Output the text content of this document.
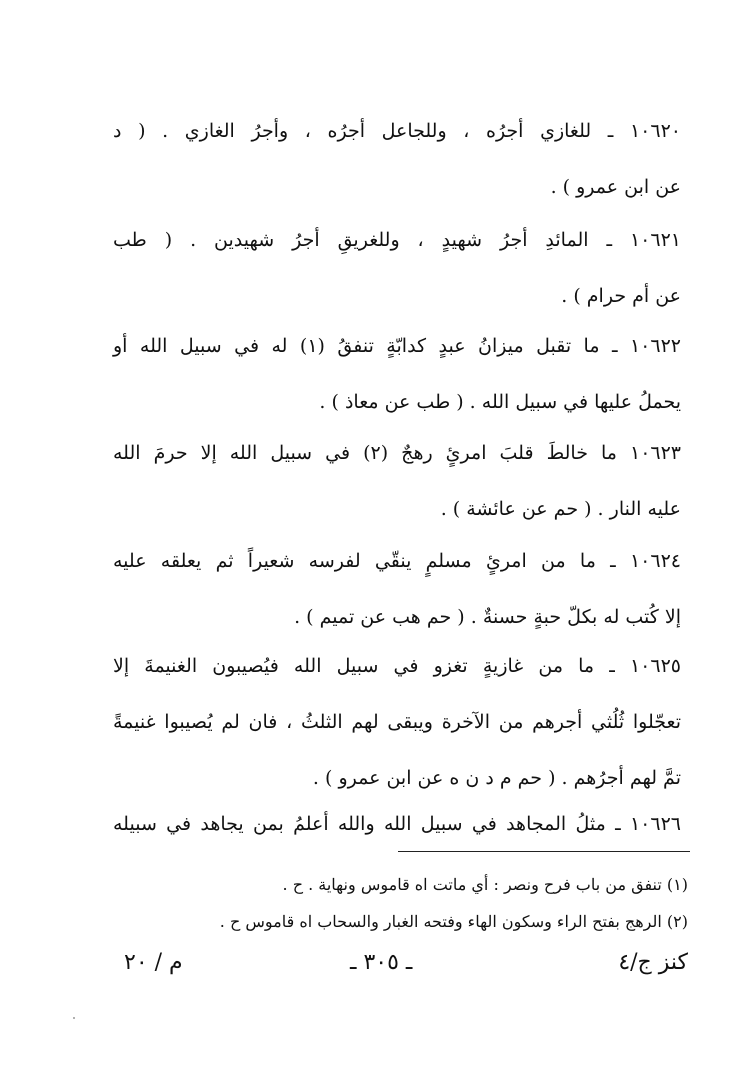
١٠٦٢٠ ـ للغازي أجرُه ، وللجاعل أجرُه ، وأجرُ الغازي . ( د
عن ابن عمرو ) .
١٠٦٢١ ـ المائدِ أجرُ شهيدٍ ، وللغريقِ أجرُ شهيدين . ( طب
عن أم حرام ) .
١٠٦٢٢ ـ ما تقبل ميزانُ عبدٍ كدابّةٍ تنفقُ (١) له في سبيل الله أو
يحملُ عليها في سبيل الله . ( طب عن معاذ ) .
١٠٦٢٣ ما خالطَ قلبَ امرئٍ رهجٌ (٢) في سبيل الله إلا حرمَ الله
عليه النار . ( حم عن عائشة ) .
١٠٦٢٤ ـ ما من امرئٍ مسلمٍ ينقّي لفرسه شعيراً ثم يعلقه عليه
إلا كُتب له بكلّ حبةٍ حسنةٌ . ( حم هب عن تميم ) .
١٠٦٢٥ ـ ما من غازيةٍ تغزو في سبيل الله فيُصيبون الغنيمةَ إلا
تعجّلوا ثُلُثي أجرهم من الآخرة ويبقى لهم الثلثُ ، فان لم يُصيبوا غنيمةً
تمَّ لهم أجرُهم . ( حم م د ن ه عن ابن عمرو ) .
١٠٦٢٦ ـ مثلُ المجاهد في سبيل الله والله أعلمُ بمن يجاهد في سبيله
(١) تنفق من باب فرح ونصر : أي ماتت اه قاموس ونهاية . ح .
(٢) الرهج بفتح الراء وسكون الهاء وفتحه الغبار والسحاب اه قاموس ح .
كنز ج/٤
ـ ٣٠٥ ـ
م / ٢٠
